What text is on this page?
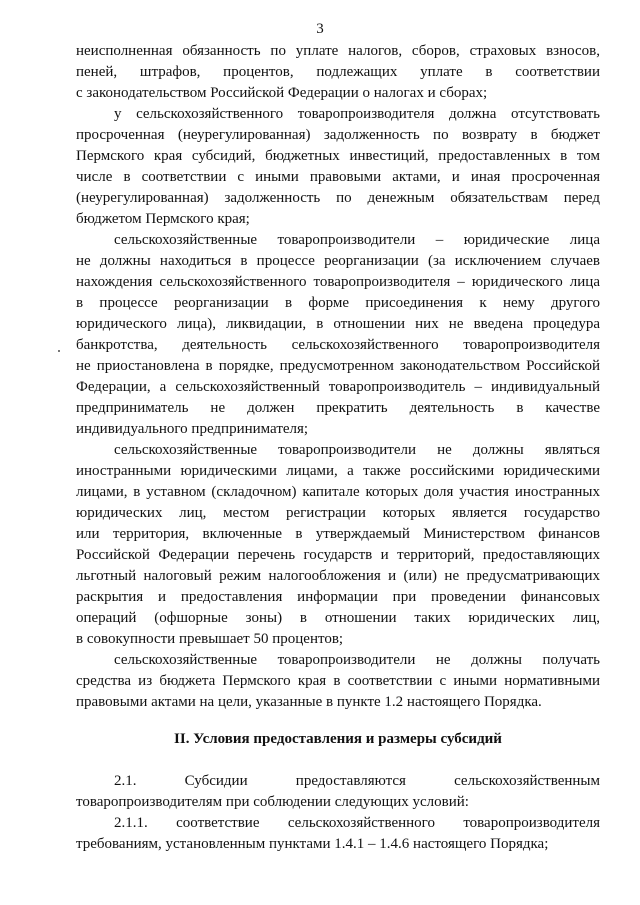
3
неисполненная обязанность по уплате налогов, сборов, страховых взносов,
пеней, штрафов, процентов, подлежащих уплате в соответствии
с законодательством Российской Федерации о налогах и сборах;
у сельскохозяйственного товаропроизводителя должна отсутствовать
просроченная (неурегулированная) задолженность по возврату в бюджет
Пермского края субсидий, бюджетных инвестиций, предоставленных в том
числе в соответствии с иными правовыми актами, и иная просроченная
(неурегулированная) задолженность по денежным обязательствам перед
бюджетом Пермского края;
сельскохозяйственные товаропроизводители – юридические лица
не должны находиться в процессе реорганизации (за исключением случаев
нахождения сельскохозяйственного товаропроизводителя – юридического лица
в процессе реорганизации в форме присоединения к нему другого
юридического лица), ликвидации, в отношении них не введена процедура
банкротства, деятельность сельскохозяйственного товаропроизводителя
не приостановлена в порядке, предусмотренном законодательством Российской
Федерации, а сельскохозяйственный товаропроизводитель – индивидуальный
предприниматель не должен прекратить деятельность в качестве
индивидуального предпринимателя;
сельскохозяйственные товаропроизводители не должны являться
иностранными юридическими лицами, а также российскими юридическими
лицами, в уставном (складочном) капитале которых доля участия иностранных
юридических лиц, местом регистрации которых является государство
или территория, включенные в утверждаемый Министерством финансов
Российской Федерации перечень государств и территорий, предоставляющих
льготный налоговый режим налогообложения и (или) не предусматривающих
раскрытия и предоставления информации при проведении финансовых
операций (офшорные зоны) в отношении таких юридических лиц,
в совокупности превышает 50 процентов;
сельскохозяйственные товаропроизводители не должны получать
средства из бюджета Пермского края в соответствии с иными нормативными
правовыми актами на цели, указанные в пункте 1.2 настоящего Порядка.
II. Условия предоставления и размеры субсидий
2.1. Субсидии предоставляются сельскохозяйственным
товаропроизводителям при соблюдении следующих условий:
2.1.1. соответствие сельскохозяйственного товаропроизводителя
требованиям, установленным пунктами 1.4.1 – 1.4.6 настоящего Порядка;
